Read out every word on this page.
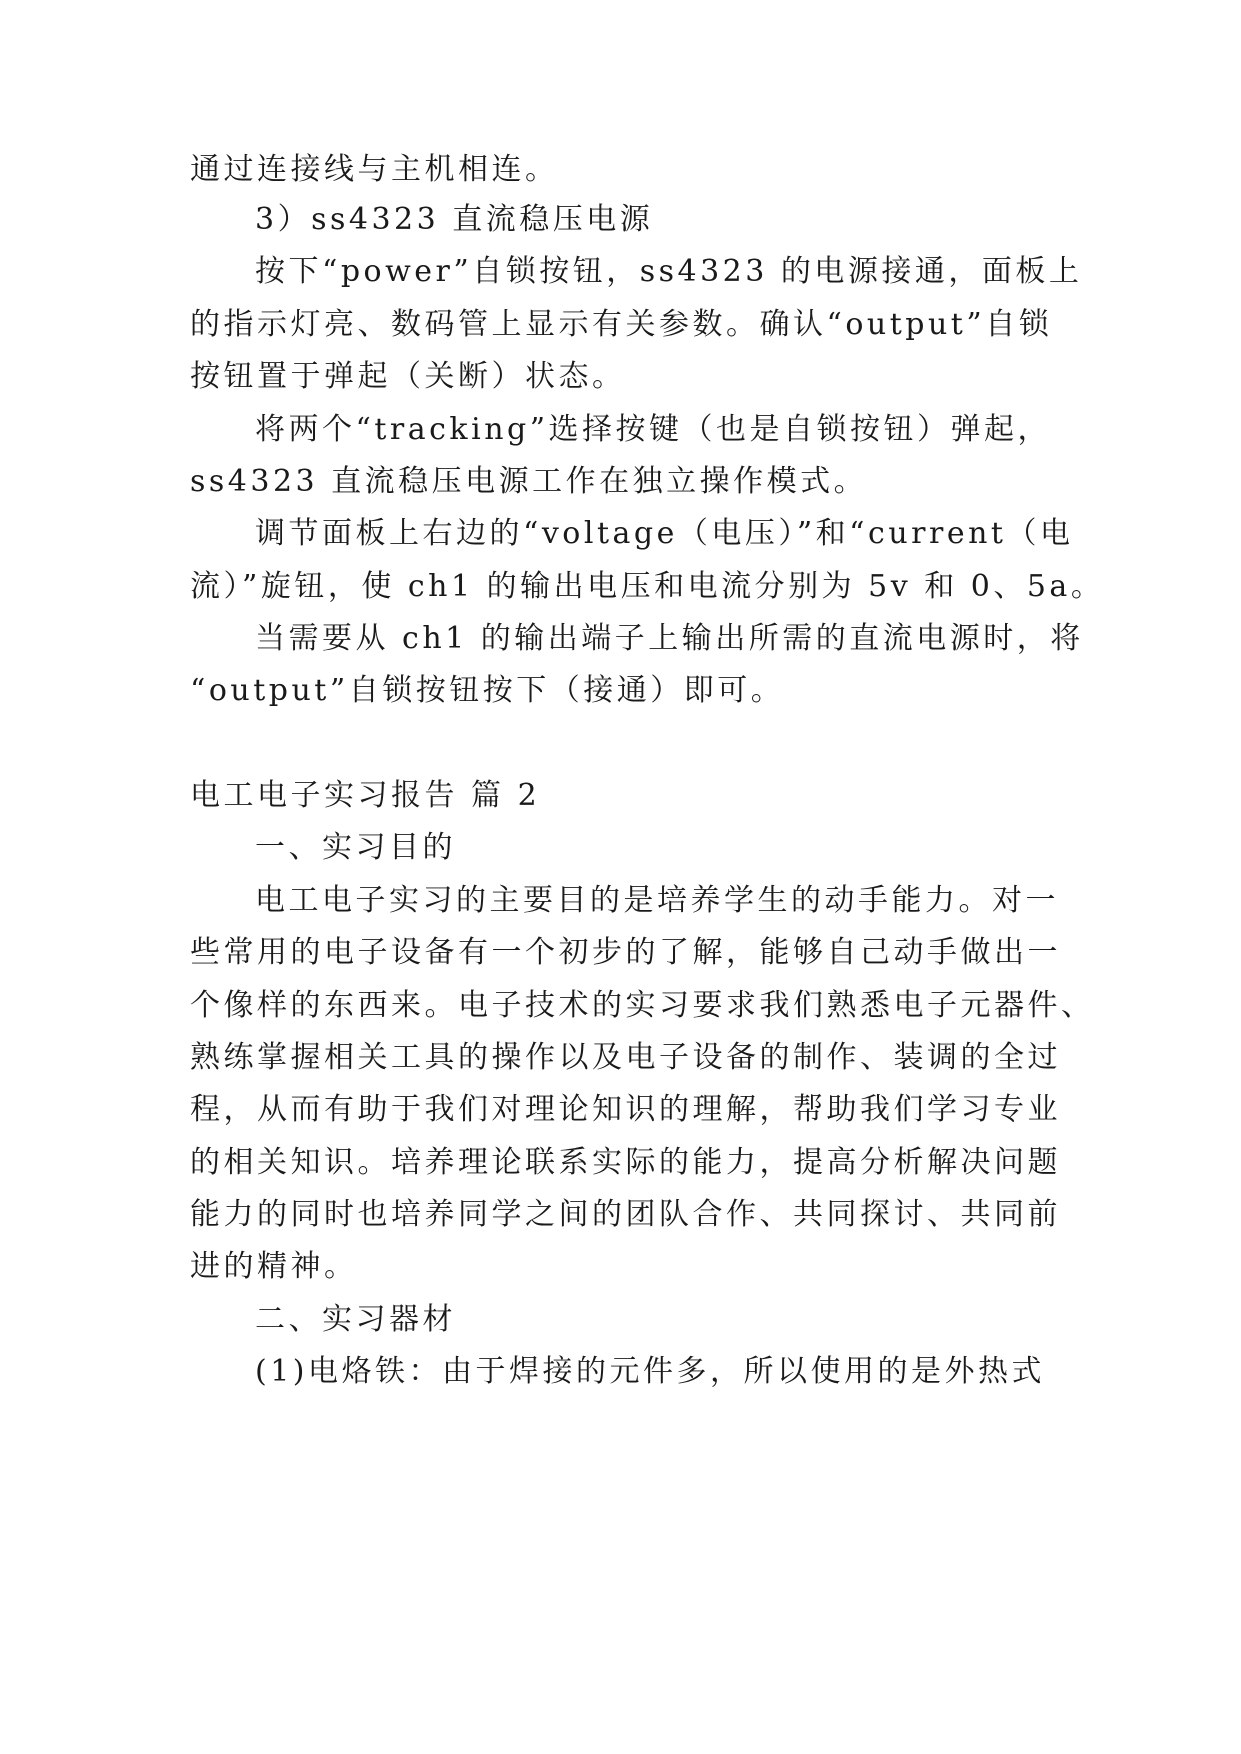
通过连接线与主机相连。
3）ss4323 直流稳压电源
按下“power”自锁按钮，ss4323 的电源接通，面板上
的指示灯亮、数码管上显示有关参数。确认“output”自锁
按钮置于弹起（关断）状态。
将两个“tracking”选择按键（也是自锁按钮）弹起，
ss4323 直流稳压电源工作在独立操作模式。
调节面板上右边的“voltage（电压）”和“current（电
流）”旋钮，使 ch1 的输出电压和电流分别为 5v 和 0、5a。
当需要从 ch1 的输出端子上输出所需的直流电源时，将
“output”自锁按钮按下（接通）即可。
电工电子实习报告 篇 2
一、实习目的
电工电子实习的主要目的是培养学生的动手能力。对一
些常用的电子设备有一个初步的了解，能够自己动手做出一
个像样的东西来。电子技术的实习要求我们熟悉电子元器件、
熟练掌握相关工具的操作以及电子设备的制作、装调的全过
程，从而有助于我们对理论知识的理解，帮助我们学习专业
的相关知识。培养理论联系实际的能力，提高分析解决问题
能力的同时也培养同学之间的团队合作、共同探讨、共同前
进的精神。
二、实习器材
(1)电烙铁：由于焊接的元件多，所以使用的是外热式
